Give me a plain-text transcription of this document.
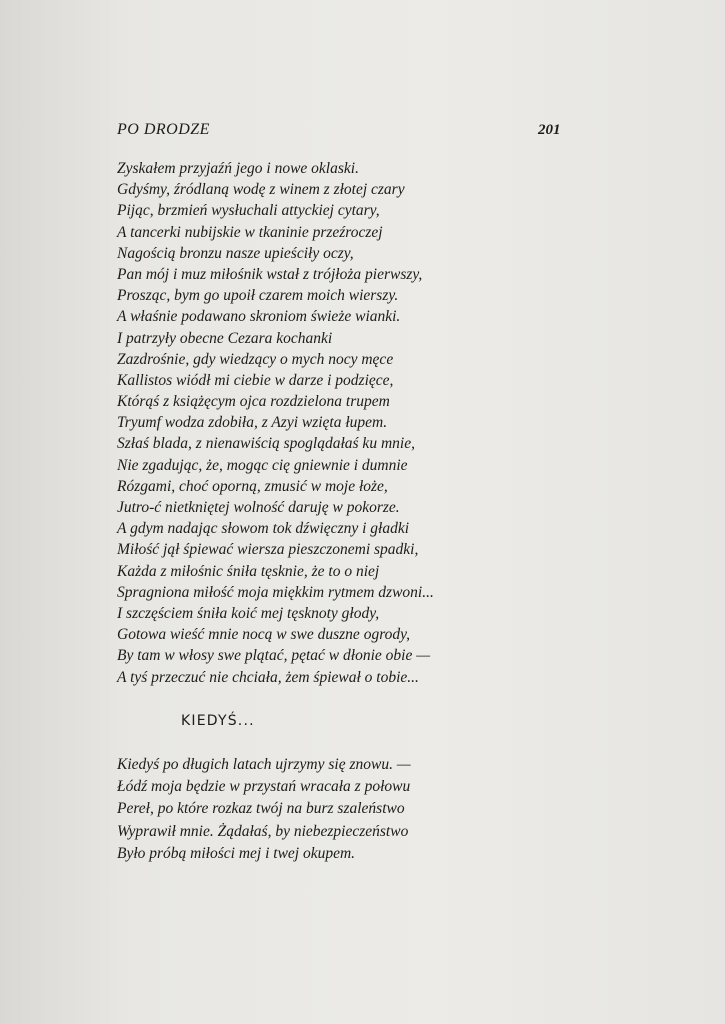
PO DRODZE	201
Zyskałem przyjaźń jego i nowe oklaski.
Gdyśmy, źródlaną wodę z winem z złotej czary
Pijąc, brzmień wysłuchali attyckiej cytary,
A tancerki nubijskie w tkaninie przeźroczej
Nagością bronzu nasze upieściły oczy,
Pan mój i muz miłośnik wstał z trójłoża pierwszy,
Prosząc, bym go upoił czarem moich wierszy.
A właśnie podawano skroniom świeże wianki.
I patrzyły obecne Cezara kochanki
Zazdrośnie, gdy wiedzący o mych nocy męce
Kallistos wiódł mi ciebie w darze i podzięce,
Którąś z książęcym ojca rozdzielona trupem
Tryumf wodza zdobiła, z Azyi wzięta łupem.
Szłaś blada, z nienawiścią spoglądałaś ku mnie,
Nie zgadując, że, mogąc cię gniewnie i dumnie
Rózgami, choć oporną, zmusić w moje łoże,
Jutro-ć nietkniętej wolność daruję w pokorze.
A gdym nadając słowom tok dźwięczny i gładki
Miłość jął śpiewać wiersza pieszczonemi spadki,
Każda z miłośnic śniła tęsknie, że to o niej
Spragniona miłość moja miękkim rytmem dzwoni...
I szczęściem śniła koić mej tęsknoty głody,
Gotowa wieść mnie nocą w swe duszne ogrody,
By tam w włosy swe plątać, pętać w dłonie obie —
A tyś przeczuć nie chciała, żem śpiewał o tobie...
KIEDYŚ...
Kiedyś po długich latach ujrzymy się znowu. —
Łódź moja będzie w przystań wracała z połowu
Pereł, po które rozkaz twój na burz szaleństwo
Wyprawił mnie. Żądałaś, by niebezpieczeństwo
Było próbą miłości mej i twej okupem.
